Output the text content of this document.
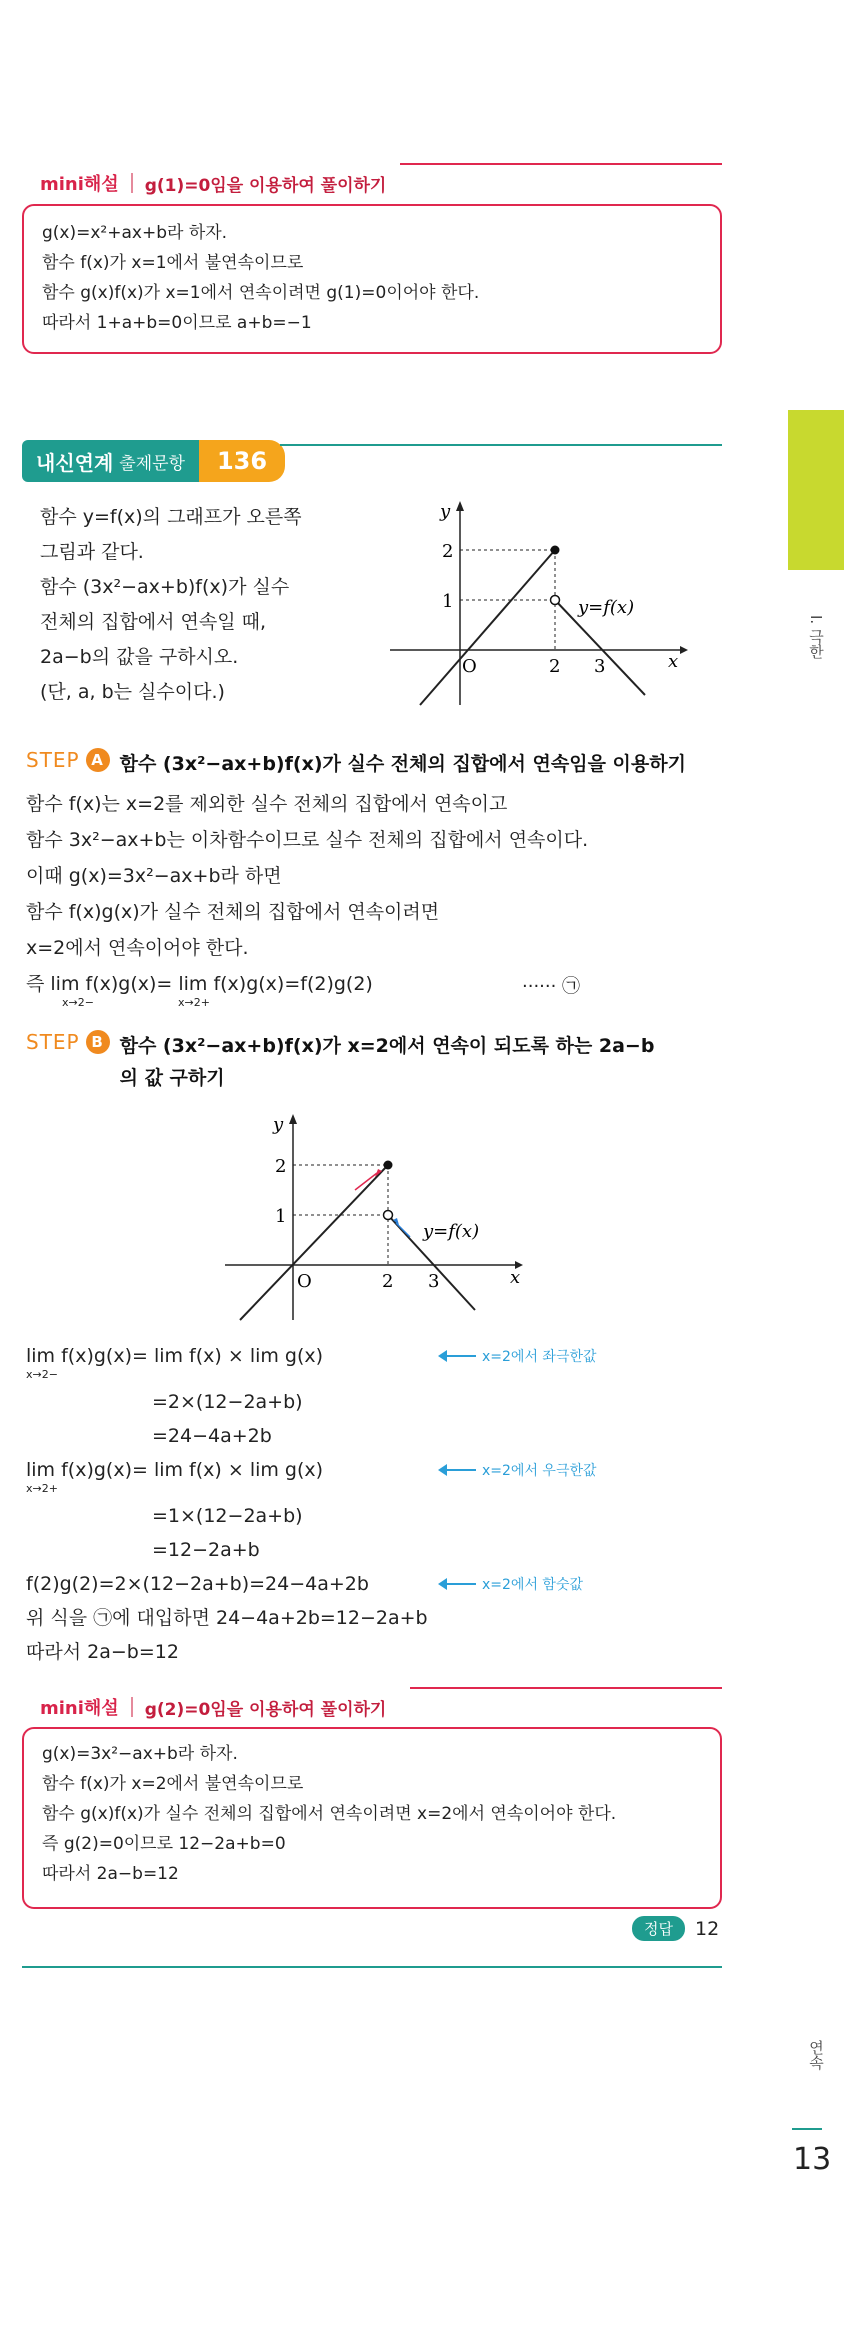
mini해설 g(1)=0임을 이용하여 풀이하기
g(x)=x²+ax+b라 하자.
함수 f(x)가 x=1에서 불연속이므로
함수 g(x)f(x)가 x=1에서 연속이려면 g(1)=0이어야 한다.
따라서 1+a+b=0이므로 a+b=−1
내신연계 출제문항	136
함수 y=f(x)의 그래프가 오른쪽
그림과 같다.
함수 (3x²−ax+b)f(x)가 실수
전체의 집합에서 연속일 때,
2a−b의 값을 구하시오.
(단, a, b는 실수이다.)
y
x
O
2
1
2 3
y=f(x)
STEP A 함수 (3x²−ax+b)f(x)가 실수 전체의 집합에서 연속임을 이용하기
함수 f(x)는 x=2를 제외한 실수 전체의 집합에서 연속이고
함수 3x²−ax+b는 이차함수이므로 실수 전체의 집합에서 연속이다.
이때 g(x)=3x²−ax+b라 하면
함수 f(x)g(x)가 실수 전체의 집합에서 연속이려면
x=2에서 연속이어야 한다.
즉 lim f(x)g(x)= lim f(x)g(x)=f(2)g(2)
x→2−	x→2+
······ ㉠
STEP B 함수 (3x²−ax+b)f(x)가 x=2에서 연속이 되도록 하는 2a−b
의 값 구하기
y
x
O
2
1
2 3
y=f(x)
lim f(x)g(x)= lim f(x) × lim g(x)
x→2−
x=2에서 좌극한값
=2×(12−2a+b)
=24−4a+2b
lim f(x)g(x)= lim f(x) × lim g(x)
x→2+
x=2에서 우극한값
=1×(12−2a+b)
=12−2a+b
f(2)g(2)=2×(12−2a+b)=24−4a+2b	x=2에서 함숫값
위 식을 ㉠에 대입하면 24−4a+2b=12−2a+b
따라서 2a−b=12
mini해설 g(2)=0임을 이용하여 풀이하기
g(x)=3x²−ax+b라 하자.
함수 f(x)가 x=2에서 불연속이므로
함수 g(x)f(x)가 실수 전체의 집합에서 연속이려면 x=2에서 연속이어야 한다.
즉 g(2)=0이므로 12−2a+b=0
따라서 2a−b=12
정답	12
02
I. 극한
연속
13
